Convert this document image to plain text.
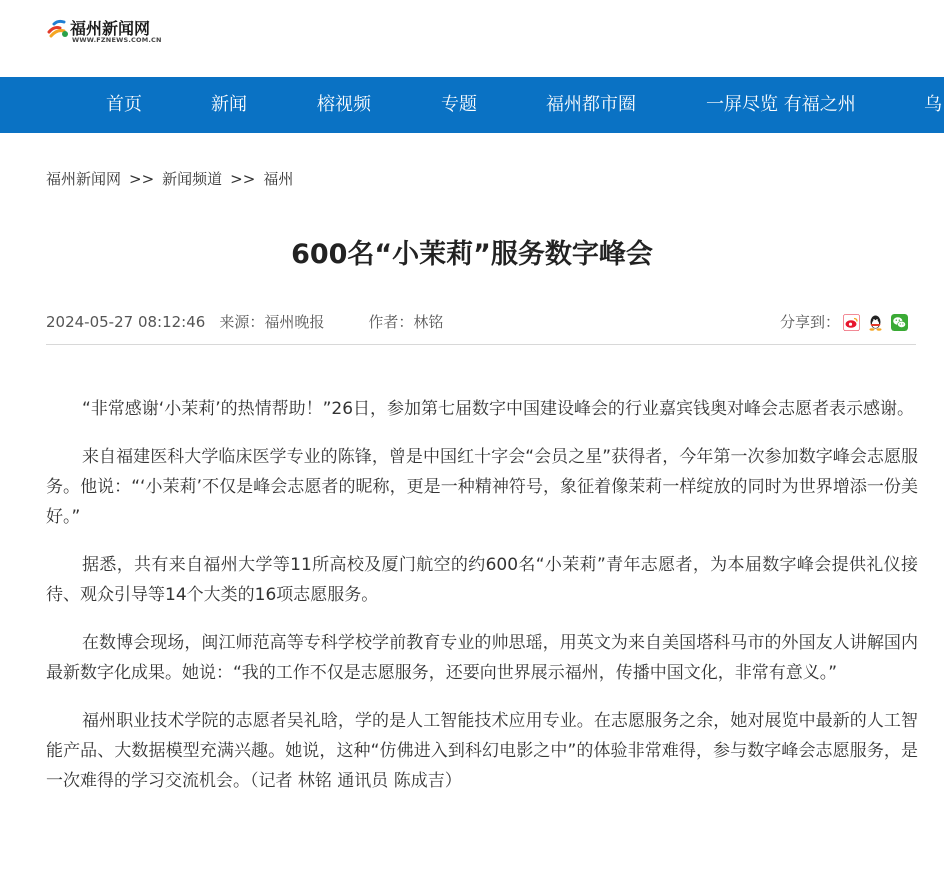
福州新闻网
WWW.FZNEWS.COM.CN
首页	新闻	榕视频	专题	福州都市圈	一屏尽览 有福之州	乌
福州新闻网 >> 新闻频道 >> 福州
600名“小茉莉”服务数字峰会
2024-05-27 08:12:46 来源：福州晚报	作者：林铭	分享到：

“非常感谢‘小茉莉’的热情帮助！”26日，参加第七届数字中国建设峰会的行业嘉宾钱奥对峰会志愿者表示感谢。

来自福建医科大学临床医学专业的陈锋，曾是中国红十字会“会员之星”获得者，今年第一次参加数字峰会志愿服务。他说：“‘小茉莉’不仅是峰会志愿者的昵称，更是一种精神符号，象征着像茉莉一样绽放的同时为世界增添一份美好。”

据悉，共有来自福州大学等11所高校及厦门航空的约600名“小茉莉”青年志愿者，为本届数字峰会提供礼仪接待、观众引导等14个大类的16项志愿服务。

在数博会现场，闽江师范高等专科学校学前教育专业的帅思瑶，用英文为来自美国塔科马市的外国友人讲解国内最新数字化成果。她说：“我的工作不仅是志愿服务，还要向世界展示福州，传播中国文化，非常有意义。”

福州职业技术学院的志愿者吴礼晗，学的是人工智能技术应用专业。在志愿服务之余，她对展览中最新的人工智能产品、大数据模型充满兴趣。她说，这种“仿佛进入到科幻电影之中”的体验非常难得，参与数字峰会志愿服务，是一次难得的学习交流机会。（记者 林铭 通讯员 陈成吉）
